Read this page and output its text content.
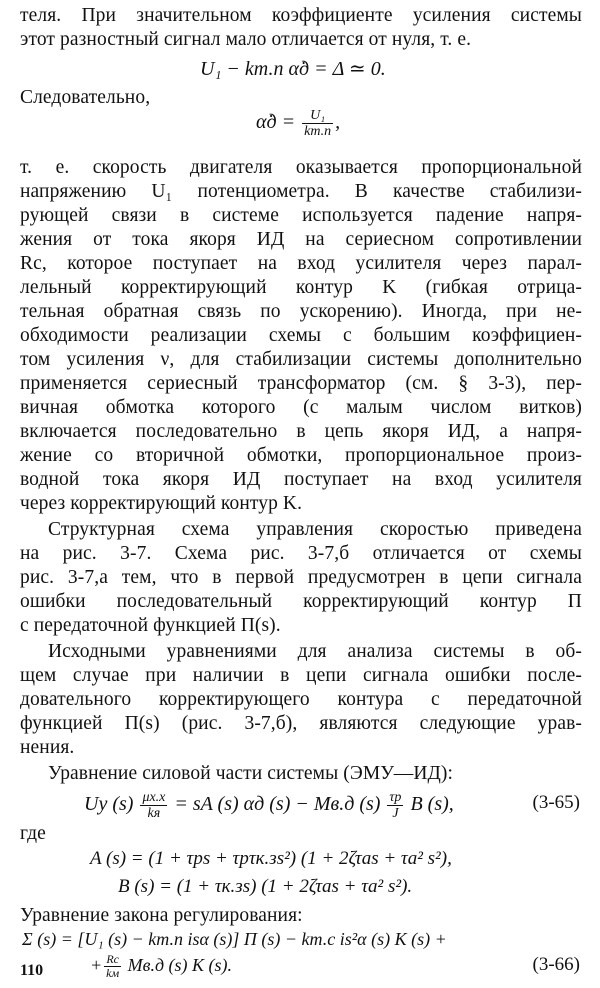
теля. При значительном коэффициенте усиления системы
этот разностный сигнал мало отличается от нуля, т. е.
U₁ − kт.п α̇д = Δ ≃ 0.
Следовательно,
α̇д = $\frac{\text{U₁}}{kт.п}$ ,
т. е. скорость двигателя оказывается пропорциональной
напряжению U₁ потенциометра. В качестве стабилизи-
рующей связи в системе используется падение напря-
жения от тока якоря ИД на сериесном сопротивлении
Rс, которое поступает на вход усилителя через парал-
лельный корректирующий контур K (гибкая отрица-
тельная обратная связь по ускорению). Иногда, при не-
обходимости реализации схемы с большим коэффициен-
том усиления ν, для стабилизации системы дополнительно
применяется сериесный трансформатор (см. § 3-3), пер-
вичная обмотка которого (с малым числом витков)
включается последовательно в цепь якоря ИД, а напря-
жение со вторичной обмотки, пропорциональное произ-
водной тока якоря ИД поступает на вход усилителя
через корректирующий контур K.
Структурная схема управления скоростью приведена
на рис. 3-7. Схема рис. 3-7,б отличается от схемы
рис. 3-7,а тем, что в первой предусмотрен в цепи сигнала
ошибки последовательный корректирующий контур П
с передаточной функцией П(s).
Исходными уравнениями для анализа системы в об-
щем случае при наличии в цепи сигнала ошибки после-
довательного корректирующего контура с передаточной
функцией П(s) (рис. 3-7,б), являются следующие урав-
нения.
Уравнение силовой части системы (ЭМУ—ИД):
Uу $(s) \frac{\mu х.х}{kя}$ = sA (s) αд (s) − Mв.д $(s) \frac{\tau р}{J}$ B (s),	(3-65)
где
A (s) = (1 + τрs + τрτк.зs²) (1 + 2ζτаs + τа² s²),
B (s) = (1 + τк.зs) (1 + 2ζτаs + τа² s²).
Уравнение закона регулирования:
Σ (s) = [U₁ (s) − kт.п isα (s)] П (s) − kт.с is²α (s) K (s) +
110	+ $\frac{Rс}{kм} Mв.д$ (s) K (s).	(3-66)
